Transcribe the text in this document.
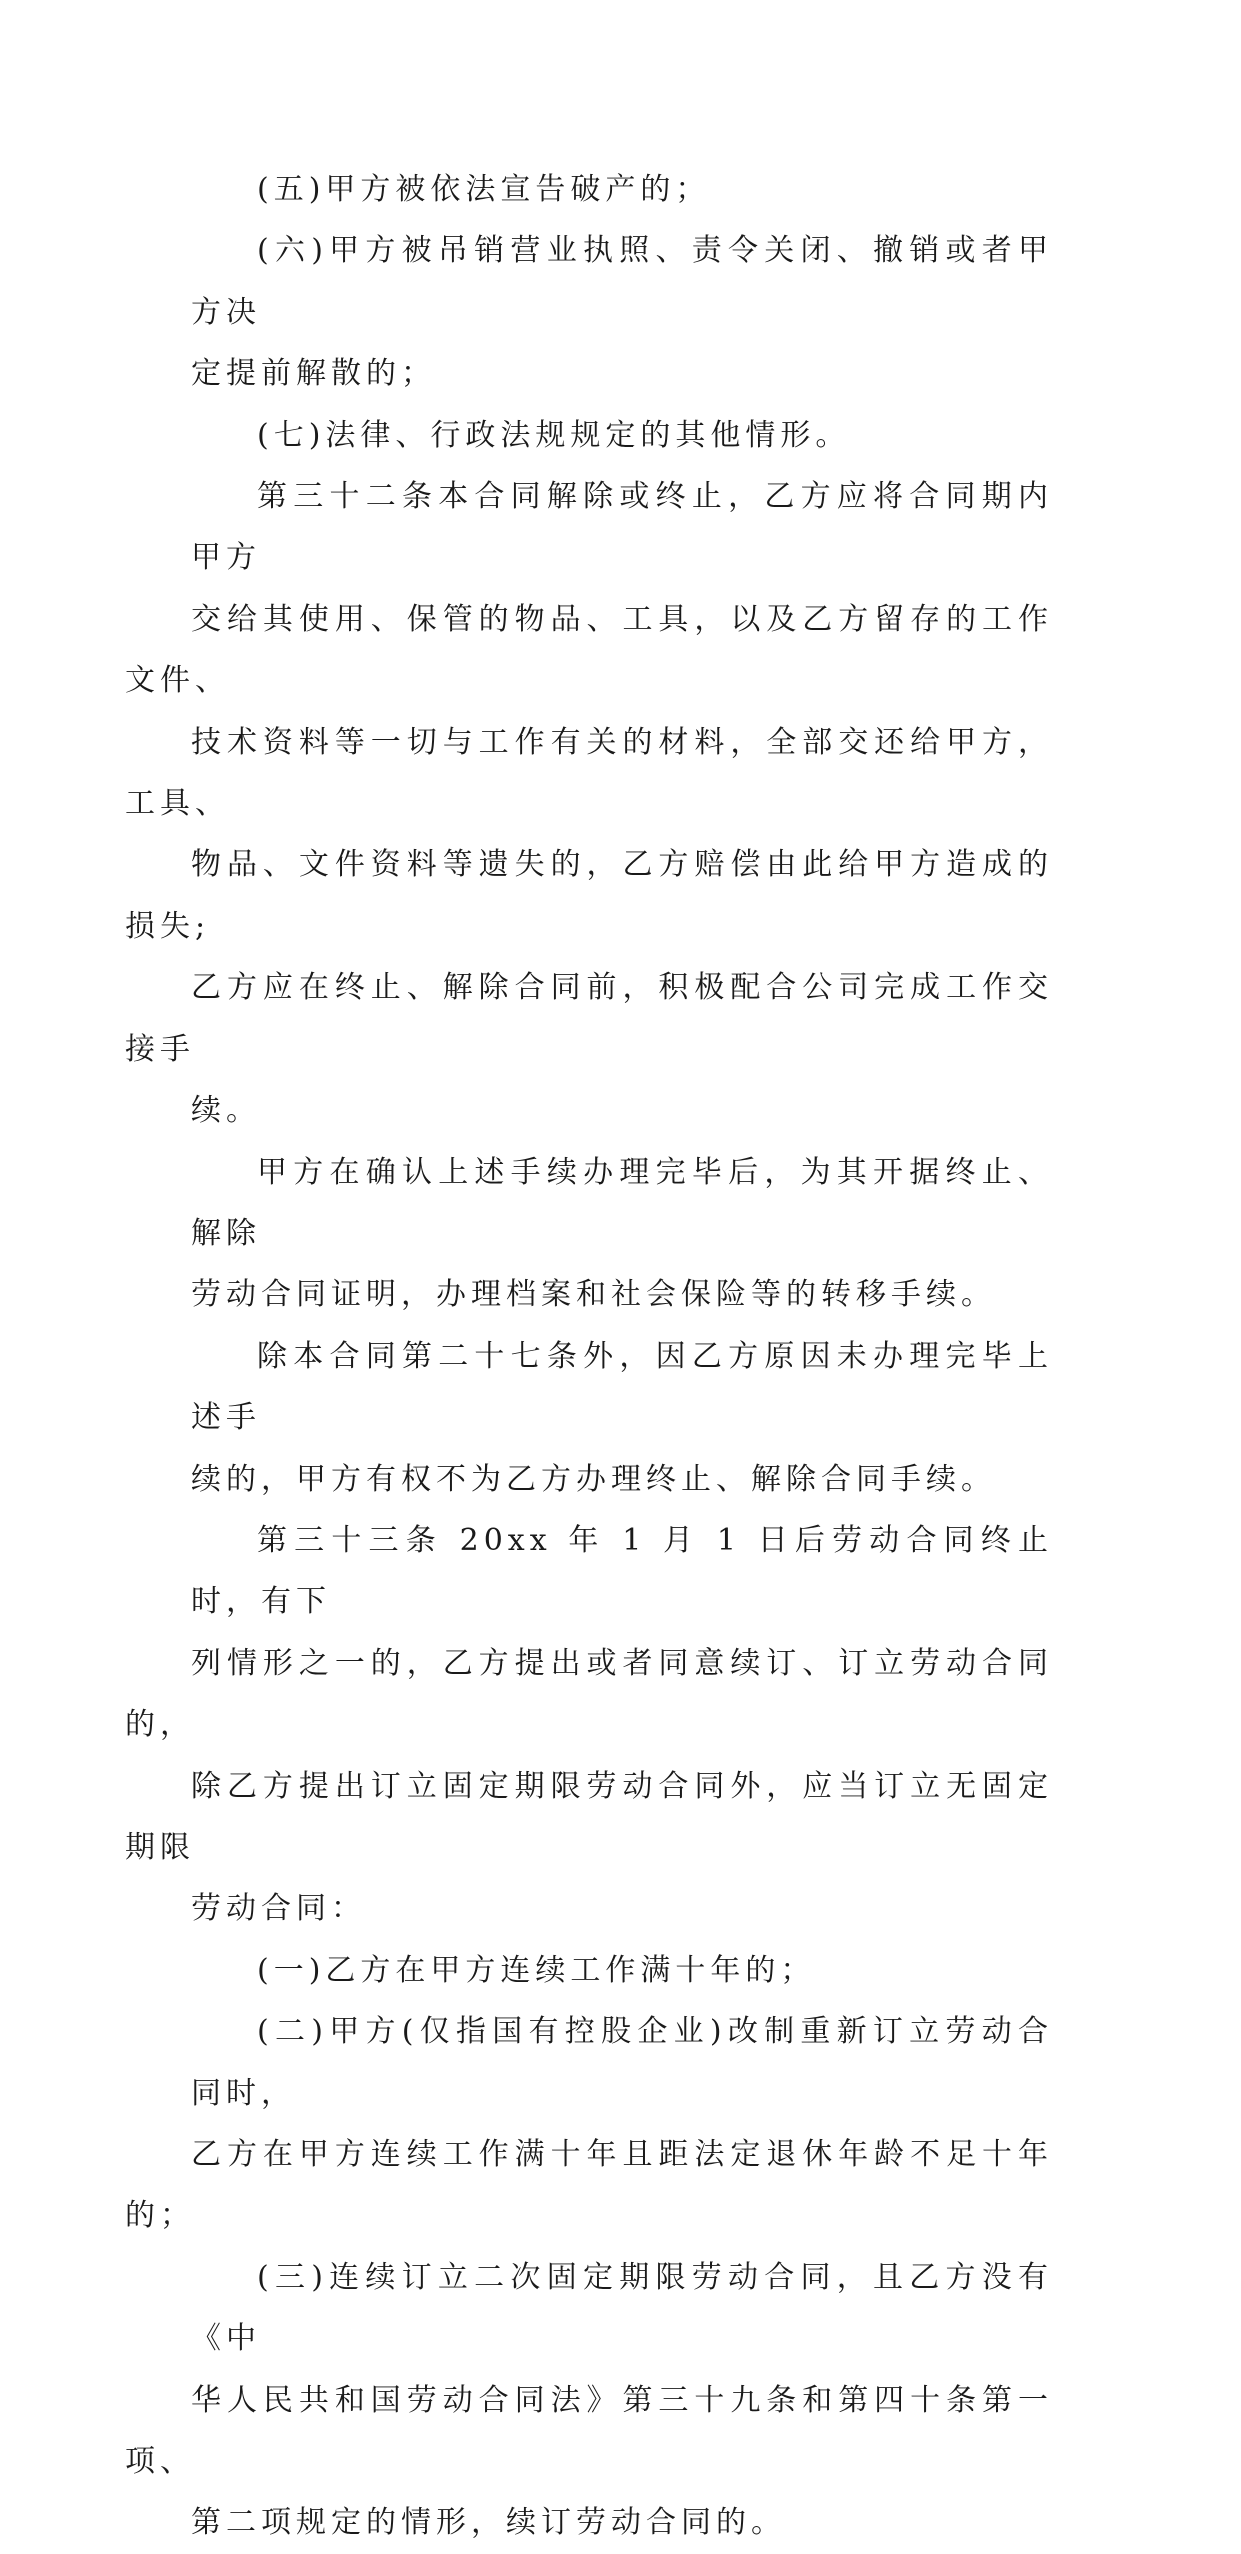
(五)甲方被依法宣告破产的；

(六)甲方被吊销营业执照、责令关闭、撤销或者甲方决
定提前解散的；

(七)法律、行政法规规定的其他情形。

第三十二条本合同解除或终止，乙方应将合同期内甲方
交给其使用、保管的物品、工具，以及乙方留存的工作文件、
技术资料等一切与工作有关的材料，全部交还给甲方，工具、
物品、文件资料等遗失的，乙方赔偿由此给甲方造成的损失;
乙方应在终止、解除合同前，积极配合公司完成工作交接手
续。

甲方在确认上述手续办理完毕后，为其开据终止、解除
劳动合同证明，办理档案和社会保险等的转移手续。

除本合同第二十七条外，因乙方原因未办理完毕上述手
续的，甲方有权不为乙方办理终止、解除合同手续。

第三十三条 20xx 年 1 月 1 日后劳动合同终止时，有下
列情形之一的，乙方提出或者同意续订、订立劳动合同的，
除乙方提出订立固定期限劳动合同外，应当订立无固定期限
劳动合同：

(一)乙方在甲方连续工作满十年的；

(二)甲方(仅指国有控股企业)改制重新订立劳动合同时，
乙方在甲方连续工作满十年且距法定退休年龄不足十年的；

(三)连续订立二次固定期限劳动合同，且乙方没有《中
华人民共和国劳动合同法》第三十九条和第四十条第一项、
第二项规定的情形，续订劳动合同的。
